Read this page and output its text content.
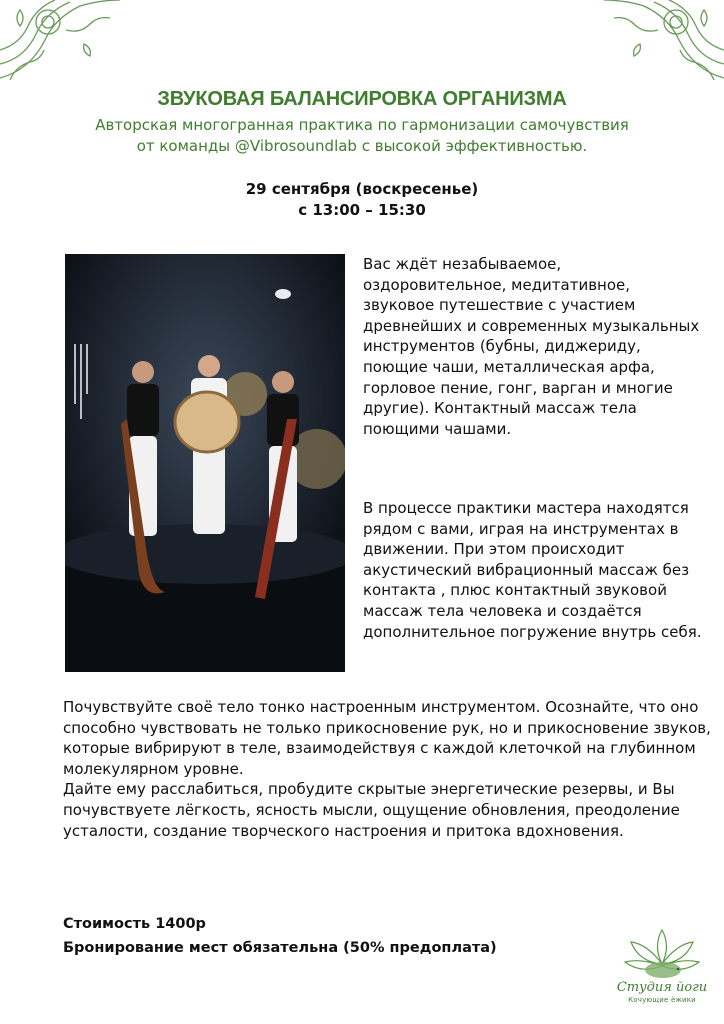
ЗВУКОВАЯ БАЛАНСИРОВКА ОРГАНИЗМА
Авторская многогранная практика по гармонизации самочувствия
от команды @Vibrosoundlab с высокой эффективностью.
29 сентября (воскресенье)
с 13:00 – 15:30
Вас ждёт незабываемое, оздоровительное, медитативное, звуковое путешествие с участием древнейших и современных музыкальных инструментов (бубны, диджериду, поющие чаши, металлическая арфа, горловое пение, гонг, варган и многие другие). Контактный массаж тела поющими чашами.
В процессе практики мастера находятся рядом с вами, играя на инструментах в движении. При этом происходит акустический вибрационный массаж без контакта , плюс контактный звуковой массаж тела человека и создаётся дополнительное погружение внутрь себя.
Почувствуйте своё тело тонко настроенным инструментом. Осознайте, что оно способно чувствовать не только прикосновение рук, но и прикосновение звуков, которые вибрируют в теле, взаимодействуя с каждой клеточкой на глубинном молекулярном уровне.
Дайте ему расслабиться, пробудите скрытые энергетические резервы, и Вы почувствуете лёгкость, ясность мысли, ощущение обновления, преодоление усталости, создание творческого настроения и притока вдохновения.
Стоимость 1400р
Бронирование мест обязательна (50% предоплата)
Студия йоги
Кочующие ёжики
